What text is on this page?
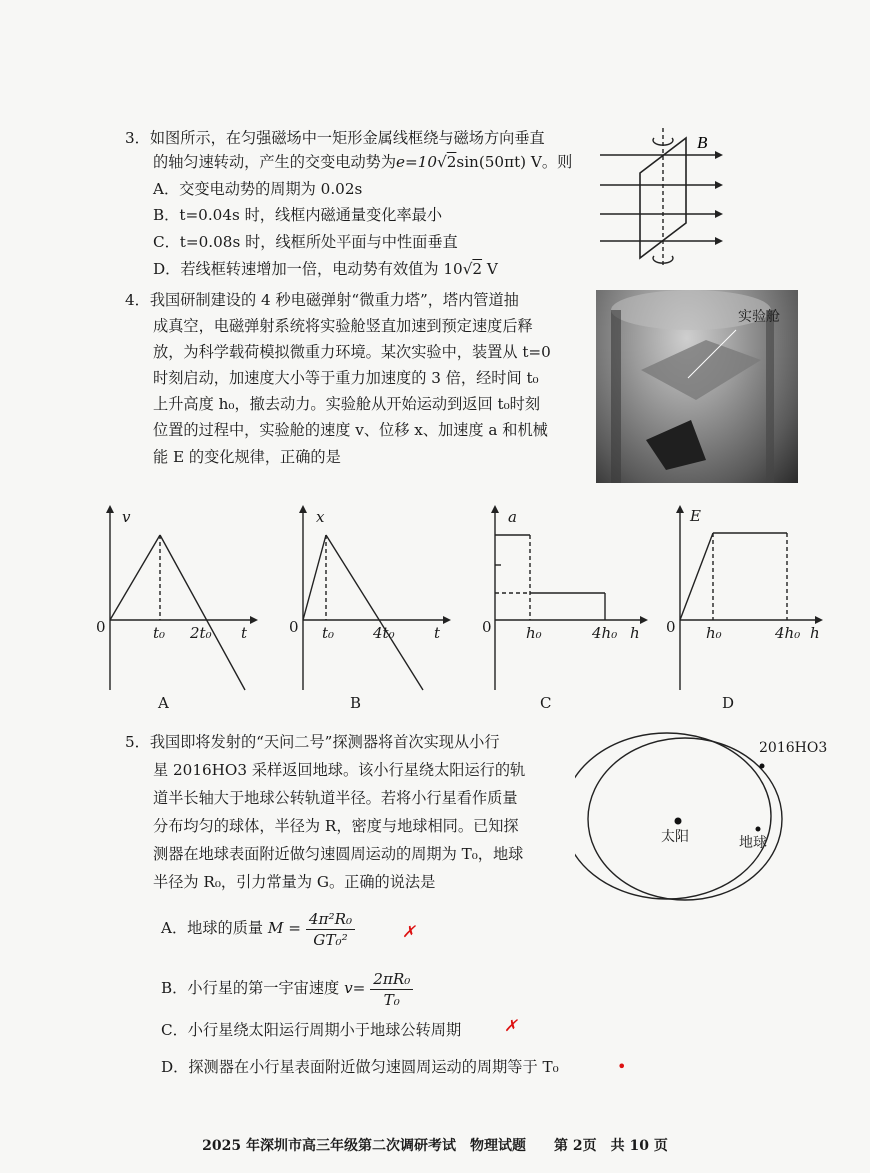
3．如图所示，在匀强磁场中一矩形金属线框绕与磁场方向垂直
的轴匀速转动，产生的交变电动势为e=10√2sin(50πt) V。则
A．交变电动势的周期为 0.02s
B．t=0.04s 时，线框内磁通量变化率最小
C．t=0.08s 时，线框所处平面与中性面垂直
D．若线框转速增加一倍，电动势有效值为 10√2 V
B
4．我国研制建设的 4 秒电磁弹射“微重力塔”，塔内管道抽
成真空，电磁弹射系统将实验舱竖直加速到预定速度后释
放，为科学载荷模拟微重力环境。某次实验中，装置从 t=0
时刻启动，加速度大小等于重力加速度的 3 倍，经时间 t₀
上升高度 h₀，撤去动力。实验舱从开始运动到返回 t₀时刻
位置的过程中，实验舱的速度 v、位移 x、加速度 a 和机械
能 E 的变化规律，正确的是
实验舱
v
0	t₀ 2t₀ t
A
x
0 t₀	4t₀	t
B
a
0 h₀	4h₀ h
C
E
0 h₀	4h₀ h
D
5．我国即将发射的“天问二号”探测器将首次实现从小行
星 2016HO3 采样返回地球。该小行星绕太阳运行的轨
道半长轴大于地球公转轨道半径。若将小行星看作质量
分布均匀的球体，半径为 R，密度与地球相同。已知探
测器在地球表面附近做匀速圆周运动的周期为 T₀，地球
半径为 R₀，引力常量为 G。正确的说法是
2016HO3
太阳	地球
A．地球的质量 $M = \frac{\text{4π²R₀}}{\text{GT₀²}}$	✗
B．小行星的第一宇宙速度 $v= \frac{\text{2πR₀}}{\text{T₀}}$
C．小行星绕太阳运行周期小于地球公转周期	✗
D．探测器在小行星表面附近做匀速圆周运动的周期等于 T₀	•
2025 年深圳市高三年级第二次调研考试　物理试题　　第 2页　共 10 页
